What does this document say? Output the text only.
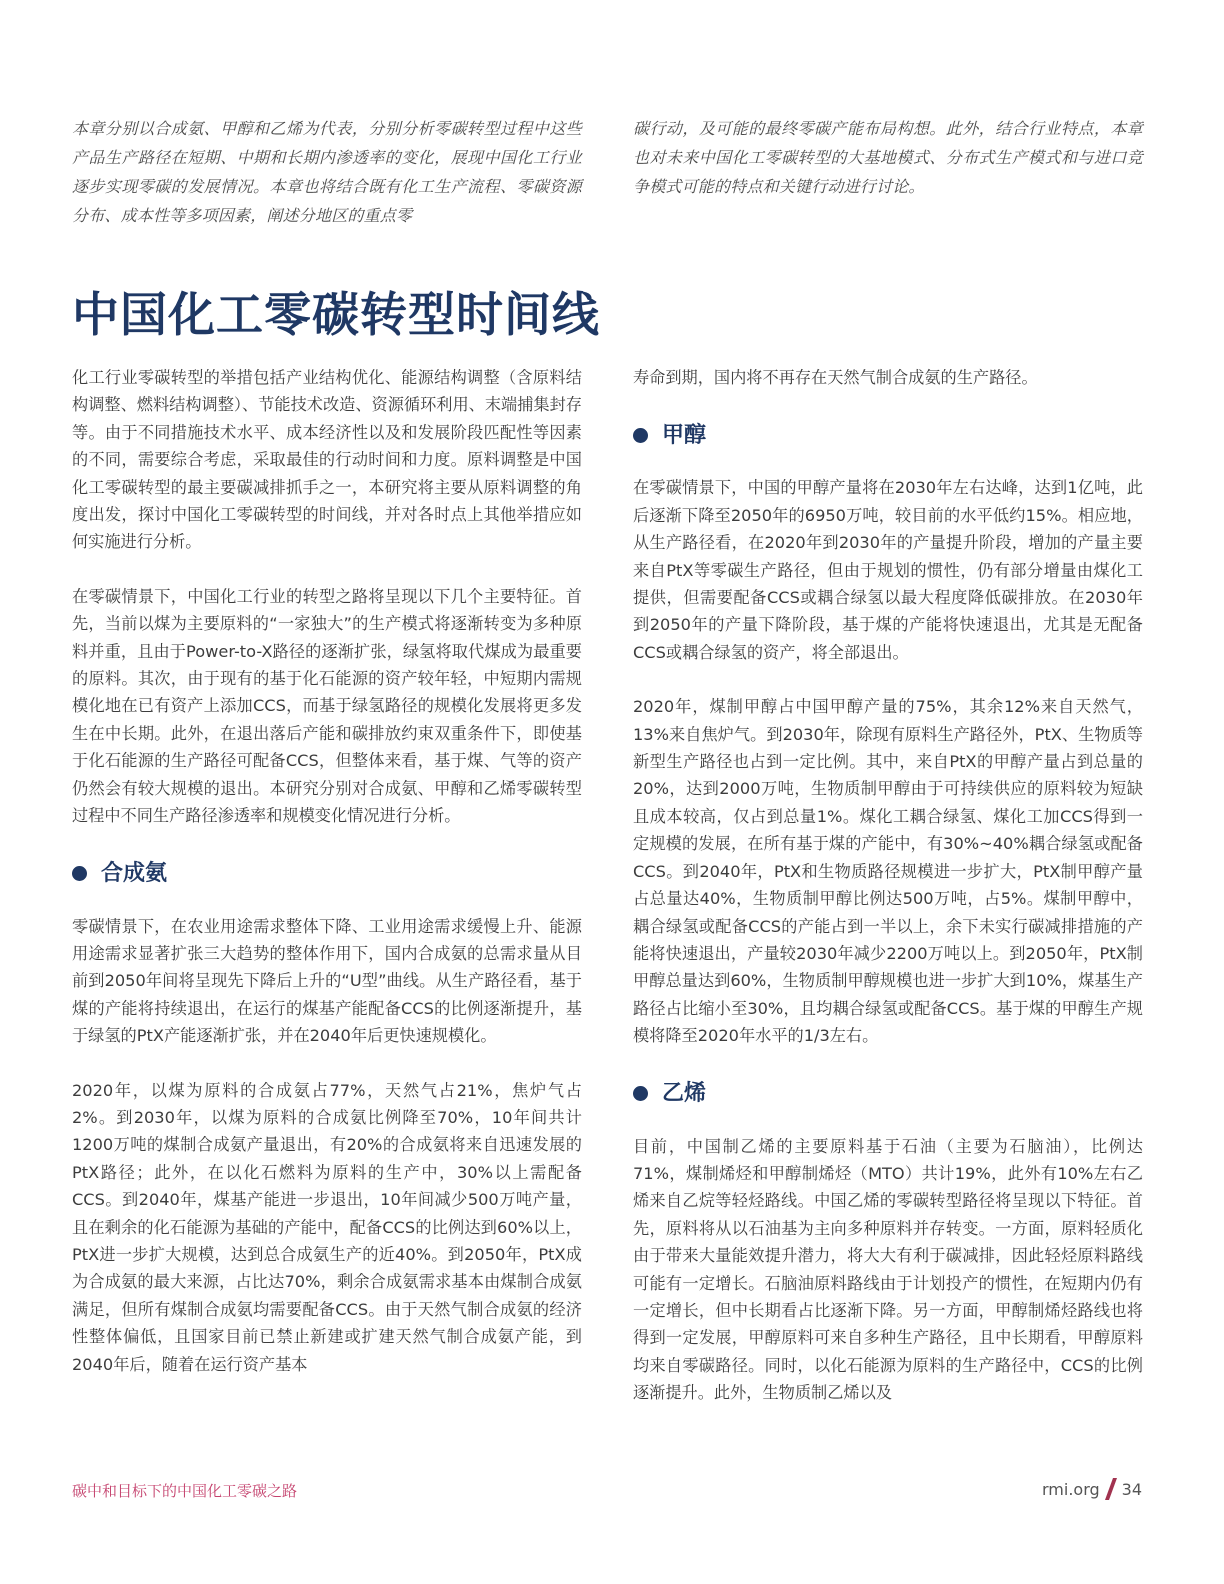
本章分别以合成氨、甲醇和乙烯为代表，分别分析零碳转型过程中这些产品生产路径在短期、中期和长期内渗透率的变化，展现中国化工行业逐步实现零碳的发展情况。本章也将结合既有化工生产流程、零碳资源分布、成本性等多项因素，阐述分地区的重点零

碳行动，及可能的最终零碳产能布局构想。此外，结合行业特点，本章也对未来中国化工零碳转型的大基地模式、分布式生产模式和与进口竞争模式可能的特点和关键行动进行讨论。

中国化工零碳转型时间线

化工行业零碳转型的举措包括产业结构优化、能源结构调整（含原料结构调整、燃料结构调整）、节能技术改造、资源循环利用、末端捕集封存等。由于不同措施技术水平、成本经济性以及和发展阶段匹配性等因素的不同，需要综合考虑，采取最佳的行动时间和力度。原料调整是中国化工零碳转型的最主要碳减排抓手之一，本研究将主要从原料调整的角度出发，探讨中国化工零碳转型的时间线，并对各时点上其他举措应如何实施进行分析。

在零碳情景下，中国化工行业的转型之路将呈现以下几个主要特征。首先，当前以煤为主要原料的“一家独大”的生产模式将逐渐转变为多种原料并重，且由于Power-to-X路径的逐渐扩张，绿氢将取代煤成为最重要的原料。其次，由于现有的基于化石能源的资产较年轻，中短期内需规模化地在已有资产上添加CCS，而基于绿氢路径的规模化发展将更多发生在中长期。此外，在退出落后产能和碳排放约束双重条件下，即使基于化石能源的生产路径可配备CCS，但整体来看，基于煤、气等的资产仍然会有较大规模的退出。本研究分别对合成氨、甲醇和乙烯零碳转型过程中不同生产路径渗透率和规模变化情况进行分析。

合成氨

零碳情景下，在农业用途需求整体下降、工业用途需求缓慢上升、能源用途需求显著扩张三大趋势的整体作用下，国内合成氨的总需求量从目前到2050年间将呈现先下降后上升的“U型”曲线。从生产路径看，基于煤的产能将持续退出，在运行的煤基产能配备CCS的比例逐渐提升，基于绿氢的PtX产能逐渐扩张，并在2040年后更快速规模化。

2020年，以煤为原料的合成氨占77%，天然气占21%，焦炉气占2%。到2030年，以煤为原料的合成氨比例降至70%，10年间共计1200万吨的煤制合成氨产量退出，有20%的合成氨将来自迅速发展的PtX路径；此外，在以化石燃料为原料的生产中，30%以上需配备CCS。到2040年，煤基产能进一步退出，10年间减少500万吨产量，且在剩余的化石能源为基础的产能中，配备CCS的比例达到60%以上，PtX进一步扩大规模，达到总合成氨生产的近40%。到2050年，PtX成为合成氨的最大来源，占比达70%，剩余合成氨需求基本由煤制合成氨满足，但所有煤制合成氨均需要配备CCS。由于天然气制合成氨的经济性整体偏低，且国家目前已禁止新建或扩建天然气制合成氨产能，到2040年后，随着在运行资产基本

寿命到期，国内将不再存在天然气制合成氨的生产路径。

甲醇

在零碳情景下，中国的甲醇产量将在2030年左右达峰，达到1亿吨，此后逐渐下降至2050年的6950万吨，较目前的水平低约15%。相应地，从生产路径看，在2020年到2030年的产量提升阶段，增加的产量主要来自PtX等零碳生产路径，但由于规划的惯性，仍有部分增量由煤化工提供，但需要配备CCS或耦合绿氢以最大程度降低碳排放。在2030年到2050年的产量下降阶段，基于煤的产能将快速退出，尤其是无配备CCS或耦合绿氢的资产，将全部退出。

2020年，煤制甲醇占中国甲醇产量的75%，其余12%来自天然气，13%来自焦炉气。到2030年，除现有原料生产路径外，PtX、生物质等新型生产路径也占到一定比例。其中，来自PtX的甲醇产量占到总量的20%，达到2000万吨，生物质制甲醇由于可持续供应的原料较为短缺且成本较高，仅占到总量1%。煤化工耦合绿氢、煤化工加CCS得到一定规模的发展，在所有基于煤的产能中，有30%~40%耦合绿氢或配备CCS。到2040年，PtX和生物质路径规模进一步扩大，PtX制甲醇产量占总量达40%，生物质制甲醇比例达500万吨，占5%。煤制甲醇中，耦合绿氢或配备CCS的产能占到一半以上，余下未实行碳减排措施的产能将快速退出，产量较2030年减少2200万吨以上。到2050年，PtX制甲醇总量达到60%，生物质制甲醇规模也进一步扩大到10%，煤基生产路径占比缩小至30%，且均耦合绿氢或配备CCS。基于煤的甲醇生产规模将降至2020年水平的1/3左右。

乙烯

目前，中国制乙烯的主要原料基于石油（主要为石脑油），比例达71%，煤制烯烃和甲醇制烯烃（MTO）共计19%，此外有10%左右乙烯来自乙烷等轻烃路线。中国乙烯的零碳转型路径将呈现以下特征。首先，原料将从以石油基为主向多种原料并存转变。一方面，原料轻质化由于带来大量能效提升潜力，将大大有利于碳减排，因此轻烃原料路线可能有一定增长。石脑油原料路线由于计划投产的惯性，在短期内仍有一定增长，但中长期看占比逐渐下降。另一方面，甲醇制烯烃路线也将得到一定发展，甲醇原料可来自多种生产路径，且中长期看，甲醇原料均来自零碳路径。同时，以化石能源为原料的生产路径中，CCS的比例逐渐提升。此外，生物质制乙烯以及

碳中和目标下的中国化工零碳之路	rmi.org 34
